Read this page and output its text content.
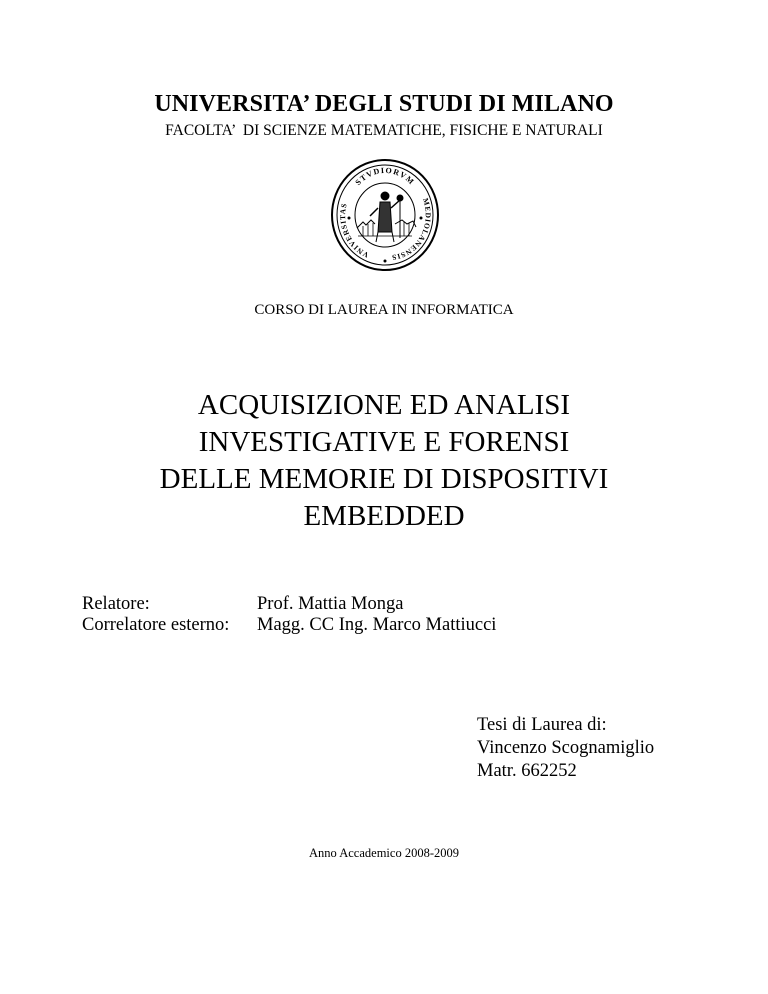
UNIVERSITA’ DEGLI STUDI DI MILANO
FACOLTA’  DI SCIENZE MATEMATICHE, FISICHE E NATURALI
STVDIORVM
VNIVERSITAS	MEDIOLANENSIS
CORSO DI LAUREA IN INFORMATICA
ACQUISIZIONE ED ANALISI
INVESTIGATIVE E FORENSI
DELLE MEMORIE DI DISPOSITIVI
EMBEDDED
Relatore:	Prof. Mattia Monga
Correlatore esterno:	Magg. CC Ing. Marco Mattiucci
Tesi di Laurea di:
Vincenzo Scognamiglio
Matr. 662252
Anno Accademico 2008-2009
